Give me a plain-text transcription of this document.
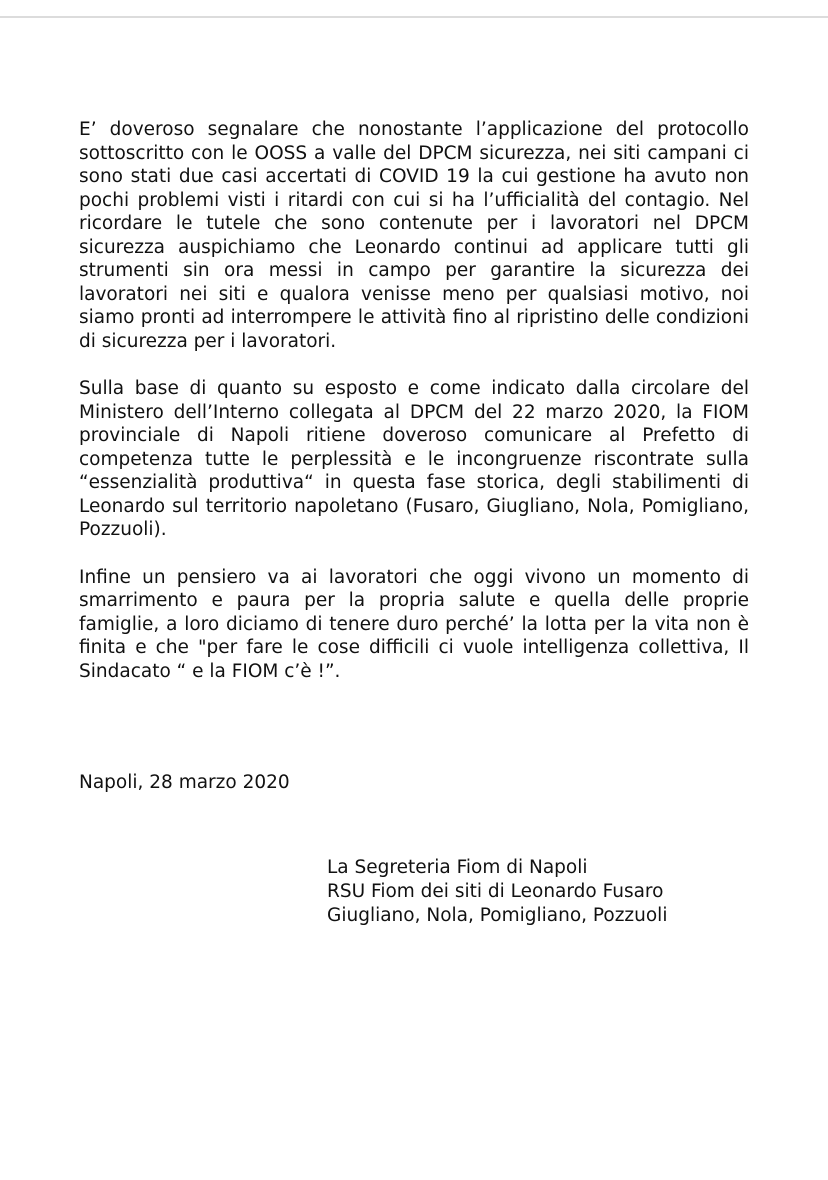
E’ doveroso segnalare che nonostante l’applicazione del protocollo sottoscritto con le OOSS a valle del DPCM sicurezza, nei siti campani ci sono stati due casi accertati di COVID 19 la cui gestione ha avuto non pochi problemi visti i ritardi con cui si ha l’ufficialità del contagio. Nel ricordare le tutele che sono contenute per i lavoratori nel DPCM sicurezza auspichiamo che Leonardo continui ad applicare tutti gli strumenti sin ora messi in campo per garantire la sicurezza dei lavoratori nei siti e qualora venisse meno per qualsiasi motivo, noi siamo pronti ad interrompere le attività fino al ripristino delle condizioni di sicurezza per i lavoratori.

Sulla base di quanto su esposto e come indicato dalla circolare del Ministero dell’Interno collegata al DPCM del 22 marzo 2020, la FIOM provinciale di Napoli ritiene doveroso comunicare al Prefetto di competenza tutte le perplessità e le incongruenze riscontrate sulla “essenzialità produttiva“ in questa fase storica, degli stabilimenti di Leonardo sul territorio napoletano (Fusaro, Giugliano, Nola, Pomigliano, Pozzuoli).

Infine un pensiero va ai lavoratori che oggi vivono un momento di smarrimento e paura per la propria salute e quella delle proprie famiglie, a loro diciamo di tenere duro perché’ la lotta per la vita non è finita e che "per fare le cose difficili ci vuole intelligenza collettiva, Il Sindacato “ e la FIOM c’è !”.

Napoli, 28 marzo 2020

La Segreteria Fiom di Napoli
RSU Fiom dei siti di Leonardo Fusaro
Giugliano, Nola, Pomigliano, Pozzuoli
